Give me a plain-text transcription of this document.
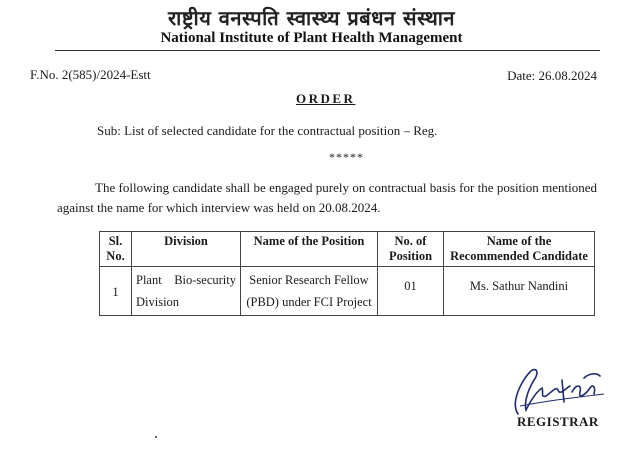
राष्ट्रीय वनस्पति स्वास्थ्य प्रबंधन संस्थान
National Institute of Plant Health Management
F.No. 2(585)/2024-Estt	Date: 26.08.2024
ORDER
Sub: List of selected candidate for the contractual position – Reg.
*****
The following candidate shall be engaged purely on contractual basis for the position mentioned against the name for which interview was held on 20.08.2024.
Sl. No.	Division	Name of the Position	No. of Position	Name of the Recommended Candidate
1	Plant Bio-security Division	Senior Research Fellow (PBD) under FCI Project	01	Ms. Sathur Nandini
REGISTRAR
